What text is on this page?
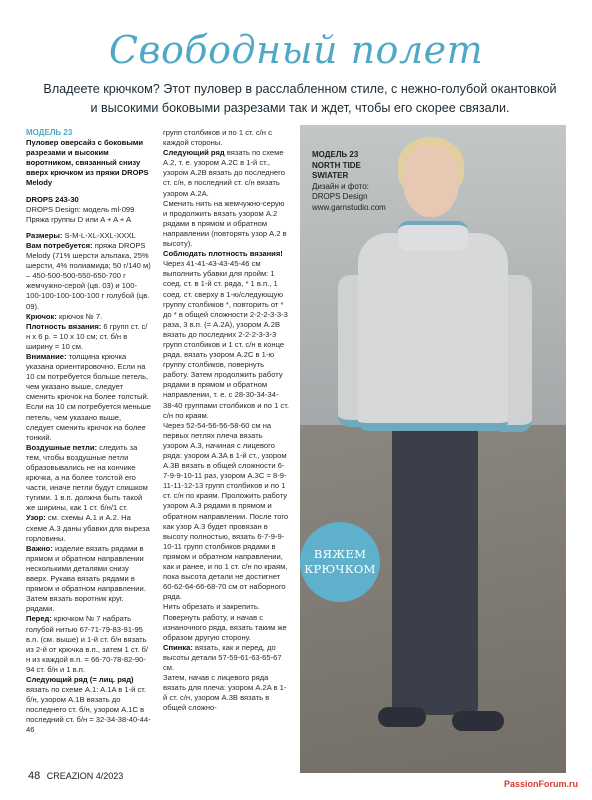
Свободный полет
Владеете крючком? Этот пуловер в расслабленном стиле, с нежно-голубой окантовкой
и высокими боковыми разрезами так и ждет, чтобы его скорее связали.

МОДЕЛЬ 23
Пуловер оверсайз с боковыми разрезами и высоким воротником, связанный снизу вверх крючком из пряжи DROPS Melody

DROPS 243-30
DROPS Design: модель ml-099
Пряжа группы D или A + A + A

Размеры: S-M-L-XL-XXL-XXXL
Вам потребуется: пряжа DROPS Melody (71% шерсти альпака, 25% шерсти, 4% полиамида; 50 г/140 м) – 450-500-500-550-650-700 г жемчужно-серой (цв. 03) и 100-100-100-100-100-100 г голубой (цв. 09).
Крючок: крючок № 7.
Плотность вязания: 6 групп ст. с/н х 6 р. = 10 х 10 см; ст. б/н в ширину = 10 см.
Внимание: толщина крючка указана ориентировочно. Если на 10 см потребуется больше петель, чем указано выше, следует сменить крючок на более толстый. Если на 10 см потребуется меньше петель, чем указано выше, следует сменить крючок на более тонкий.
Воздушные петли: следить за тем, чтобы воздушные петли образовывались не на кончике крючка, а на более толстой его части, иначе петли будут слишком тугими. 1 в.п. должна быть такой же ширины, как 1 ст. б/н/1 ст.
Узор: см. схемы A.1 и A.2. На схеме A.3 даны убавки для выреза горловины.
Важно: изделие вязать рядами в прямом и обратном направлении несколькими деталями снизу вверх. Рукава вязать рядами в прямом и обратном направлении. Затем вязать воротник круг. рядами.
Перед: крючком № 7 набрать голубой нитью 67-71-79-83-91-95 в.п. (см. выше) и 1-й ст. б/н вязать из 2-й от крючка в.п., затем 1 ст. б/н из каждой в.п. = 66-70-78-82-90-94 ст. б/н и 1 в.п.
Следующий ряд (= лиц. ряд) вязать по схеме A.1: A.1A в 1-й ст. б/н, узором A.1B вязать до последнего ст. б/н, узором A.1C в последний ст. б/н = 32-34-38-40-44-46

групп столбиков и по 1 ст. с/н с каждой стороны.
Следующий ряд вязать по схеме A.2, т. е. узором A.2C в 1-й ст., узором A.2B вязать до последнего ст. с/н, в последний ст. с/н вязать узором A.2A.
Сменить нить на жемчужно-серую и продолжить вязать узором A.2 рядами в прямом и обратном направлении (повторять узор A.2 в высоту).
Соблюдать плотность вязания!
Через 41-41-43-43-45-46 см выполнить убавки для пройм: 1 соед. ст. в 1-й ст. ряда, * 1 в.п., 1 соед. ст. сверху в 1-ю/следующую группу столбиков *, повторить от * до * в общей сложности 2-2-2-3-3-3 раза, 3 в.п. (= A.2A), узором A.2B вязать до последних 2-2-2-3-3-3 групп столбиков и 1 ст. с/н в конце ряда, вязать узором A.2C в 1-ю группу столбиков, повернуть работу. Затем продолжить работу рядами в прямом и обратном направлении, т. е. с 28-30-34-34-38-40 группами столбиков и по 1 ст. с/н по краям.
Через 52-54-56-56-58-60 см на первых петлях плеча вязать узором A.3, начиная с лицевого ряда: узором A.3A в 1-й ст., узором A.3B вязать в общей сложности 6-7-9-9-10-11 раз, узором A.3C = 8-9-11-11-12-13 групп столбиков и по 1 ст. с/н по краям. Проложить работу узором A.3 рядами в прямом и обратном направлении. После того как узор A.3 будет провязан в высоту полностью, вязать 6-7-9-9-10-11 групп столбиков рядами в прямом и обратном направлении, как и ранее, и по 1 ст. с/н по краям, пока высота детали не достигнет 60-62-64-66-68-70 см от наборного ряда.
Нить обрезать и закрепить. Повернуть работу, и начав с изнаночного ряда, вязать таким же образом другую сторону.
Спинка: вязать, как и перед, до высоты детали 57-59-61-63-65-67 см.
Затем, начав с лицевого ряда вязать для плеча: узором A.2A в 1-й ст. с/н, узором A.3B вязать в общей сложно-

МОДЕЛЬ 23
NORTH TIDE
SWIATER
Дизайн и фото:
DROPS Design
www.garnstudio.com
ВЯЖЕМ
КРЮЧКОМ
48 CREAZION 4/2023
PassionForum.ru
